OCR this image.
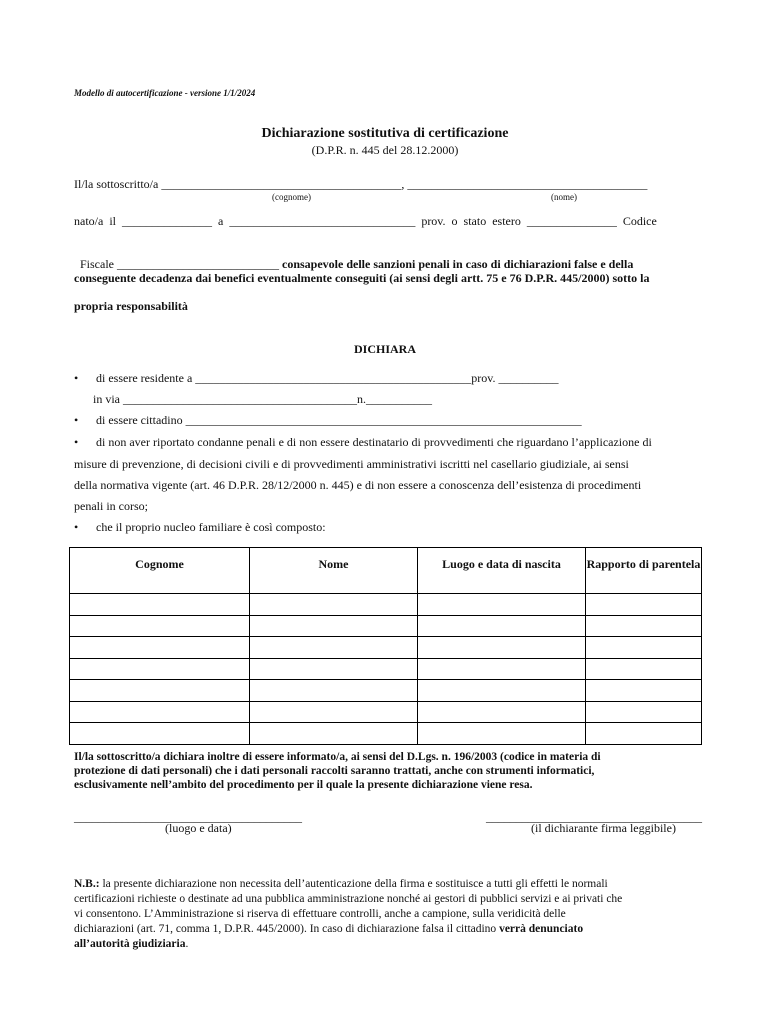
Modello di autocertificazione - versione 1/1/2024
Dichiarazione sostitutiva di certificazione
(D.P.R. n. 445 del 28.12.2000)
Il/la sottoscritto/a ________________________________________, ________________________________________
(cognome)	(nome)
nato/a  il  _______________  a  _______________________________  prov.  o  stato  estero  _______________  Codice

Fiscale ___________________________ consapevole delle sanzioni penali in caso di dichiarazioni false e della

conseguente decadenza dai benefici eventualmente conseguiti (ai sensi degli artt. 75 e 76 D.P.R. 445/2000) sotto la
propria responsabilità
DICHIARA
• di essere residente a ______________________________________________prov. __________
in via _______________________________________n.___________
• di essere cittadino __________________________________________________________________
• di non aver riportato condanne penali e di non essere destinatario di provvedimenti che riguardano l’applicazione di
misure di prevenzione, di decisioni civili e di provvedimenti amministrativi iscritti nel casellario giudiziale, ai sensi
della normativa vigente (art. 46 D.P.R. 28/12/2000 n. 445) e di non essere a conoscenza dell’esistenza di procedimenti
penali in corso;
• che il proprio nucleo familiare è così composto:
Cognome	Nome	Luogo e data di nascita	Rapporto di parentela

Il/la sottoscritto/a dichiara inoltre di essere informato/a, ai sensi del D.Lgs. n. 196/2003 (codice in materia di
protezione di dati personali) che i dati personali raccolti saranno trattati, anche con strumenti informatici,
esclusivamente nell’ambito del procedimento per il quale la presente dichiarazione viene resa.
______________________________________
(luogo e data)
____________________________________
(il dichiarante firma leggibile)
N.B.: la presente dichiarazione non necessita dell’autenticazione della firma e sostituisce a tutti gli effetti le normali
certificazioni richieste o destinate ad una pubblica amministrazione nonché ai gestori di pubblici servizi e ai privati che
vi consentono. L’Amministrazione si riserva di effettuare controlli, anche a campione, sulla veridicità delle
dichiarazioni (art. 71, comma 1, D.P.R. 445/2000). In caso di dichiarazione falsa il cittadino verrà denunciato
all’autorità giudiziaria.
